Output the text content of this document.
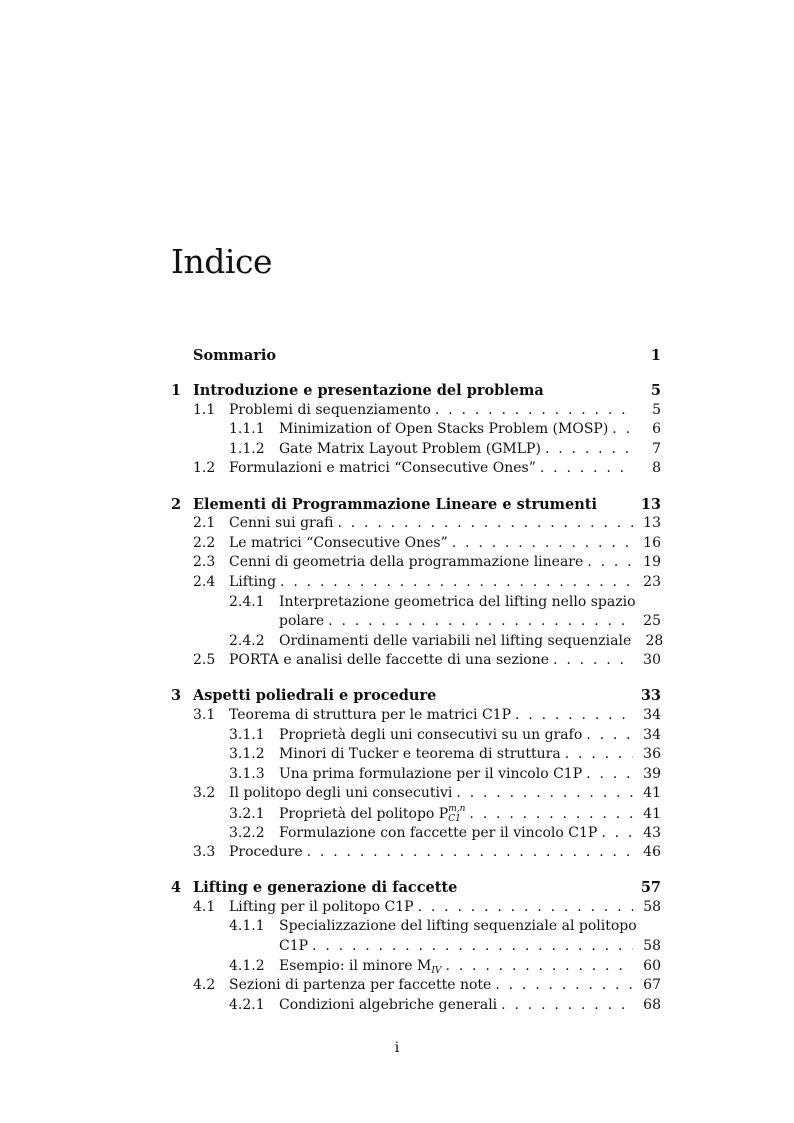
Indice
Sommario	1
1 Introduzione e presentazione del problema	5
1.1 Problemi di sequenziamento . . .	5
1.1.1	Minimization of Open Stacks Problem (MOSP) . . .	6
1.1.2	Gate Matrix Layout Problem (GMLP) . . .	7
1.2 Formulazioni e matrici “Consecutive Ones” . . .	8
2 Elementi di Programmazione Lineare e strumenti	13
2.1 Cenni sui grafi . . .	13
2.2 Le matrici “Consecutive Ones” . . .	16
2.3 Cenni di geometria della programmazione lineare . . .	19
2.4 Lifting . . .	23
2.4.1	Interpretazione geometrica del lifting nello spazio
polare . . .	25
2.4.2	Ordinamenti delle variabili nel lifting sequenziale	28
2.5 PORTA e analisi delle faccette di una sezione . . .	30
3 Aspetti poliedrali e procedure	33
3.1 Teorema di struttura per le matrici C1P . . .	34
3.1.1	Proprietà degli uni consecutivi su un grafo . . .	34
3.1.2	Minori di Tucker e teorema di struttura . . .	36
3.1.3	Una prima formulazione per il vincolo C1P . . .	39
3.2 Il politopo degli uni consecutivi . . .	41
3.2.1	Proprietà del politopo P m,n
C1 . . .	41
3.2.2	Formulazione con faccette per il vincolo C1P . . .	43
3.3 Procedure . . .	46
4 Lifting e generazione di faccette	57
4.1 Lifting per il politopo C1P . . .	58
4.1.1	Specializzazione del lifting sequenziale al politopo
C1P . . .	58
4.1.2	Esempio: il minore M IV . . .	60
4.2 Sezioni di partenza per faccette note . . .	67
4.2.1	Condizioni algebriche generali . . .	68
i
